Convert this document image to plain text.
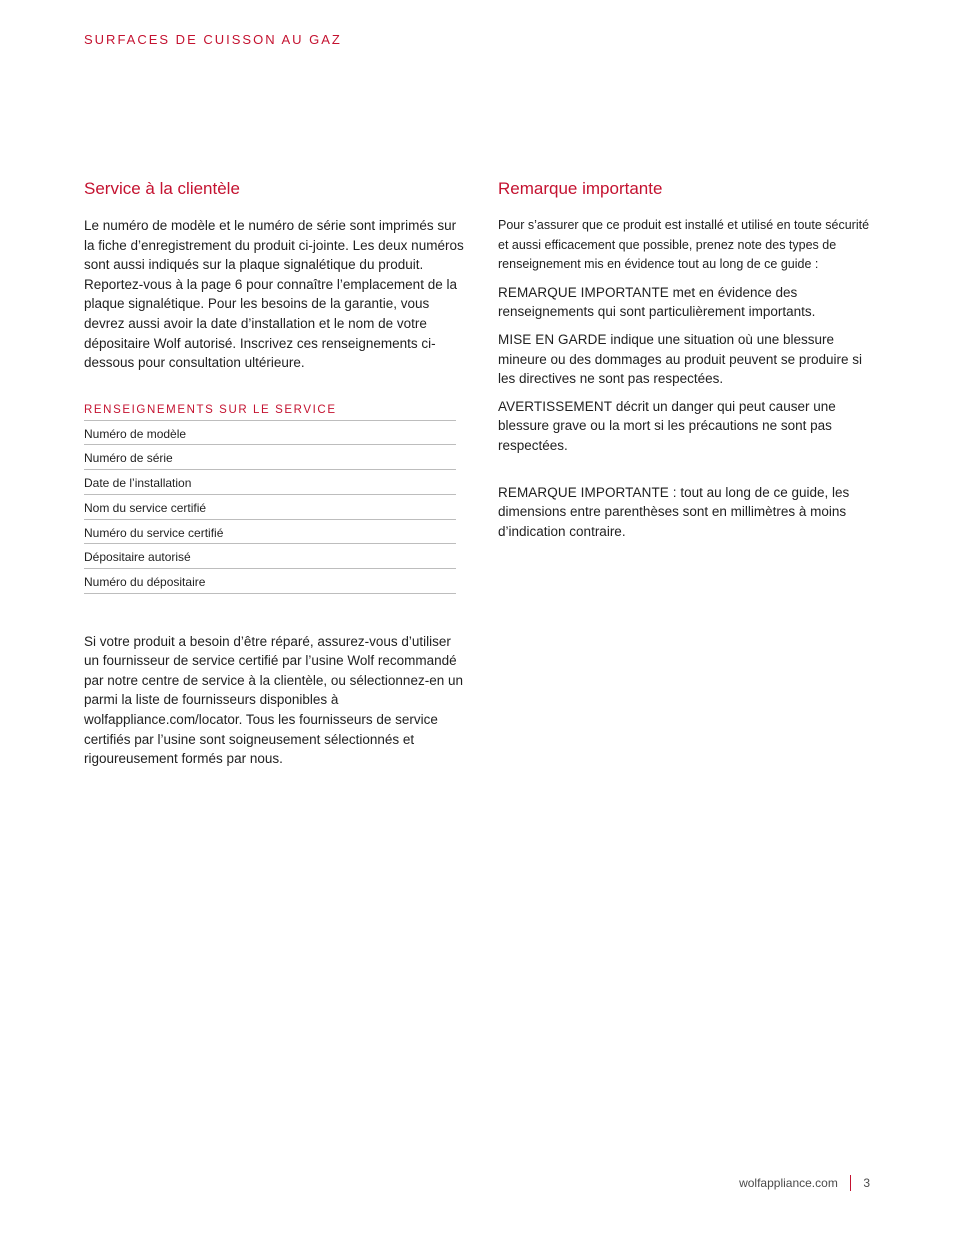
SURFACES DE CUISSON AU GAZ
Service à la clientèle

Le numéro de modèle et le numéro de série sont imprimés sur la fiche d’enregistrement du produit ci-jointe. Les deux numéros sont aussi indiqués sur la plaque signalétique du produit. Reportez-vous à la page 6 pour connaître l’emplacement de la plaque signalétique. Pour les besoins de la garantie, vous devrez aussi avoir la date d’installation et le nom de votre dépositaire Wolf autorisé. Inscrivez ces renseignements ci-dessous pour consultation ultérieure.

RENSEIGNEMENTS SUR LE SERVICE
Numéro de modèle
Numéro de série
Date de l’installation
Nom du service certifié
Numéro du service certifié
Dépositaire autorisé
Numéro du dépositaire

Si votre produit a besoin d’être réparé, assurez-vous d’utiliser un fournisseur de service certifié par l’usine Wolf recommandé par notre centre de service à la clientèle, ou sélectionnez-en un parmi la liste de fournisseurs disponibles à wolfappliance.com/locator. Tous les fournisseurs de service certifiés par l’usine sont soigneusement sélectionnés et rigoureusement formés par nous.

Remarque importante

Pour s’assurer que ce produit est installé et utilisé en toute sécurité et aussi efficacement que possible, prenez note des types de renseignement mis en évidence tout au long de ce guide :

REMARQUE IMPORTANTE met en évidence des renseignements qui sont particulièrement importants.

MISE EN GARDE indique une situation où une blessure mineure ou des dommages au produit peuvent se produire si les directives ne sont pas respectées.

AVERTISSEMENT décrit un danger qui peut causer une blessure grave ou la mort si les précautions ne sont pas respectées.

REMARQUE IMPORTANTE : tout au long de ce guide, les dimensions entre parenthèses sont en millimètres à moins d’indication contraire.

wolfappliance.com 3
